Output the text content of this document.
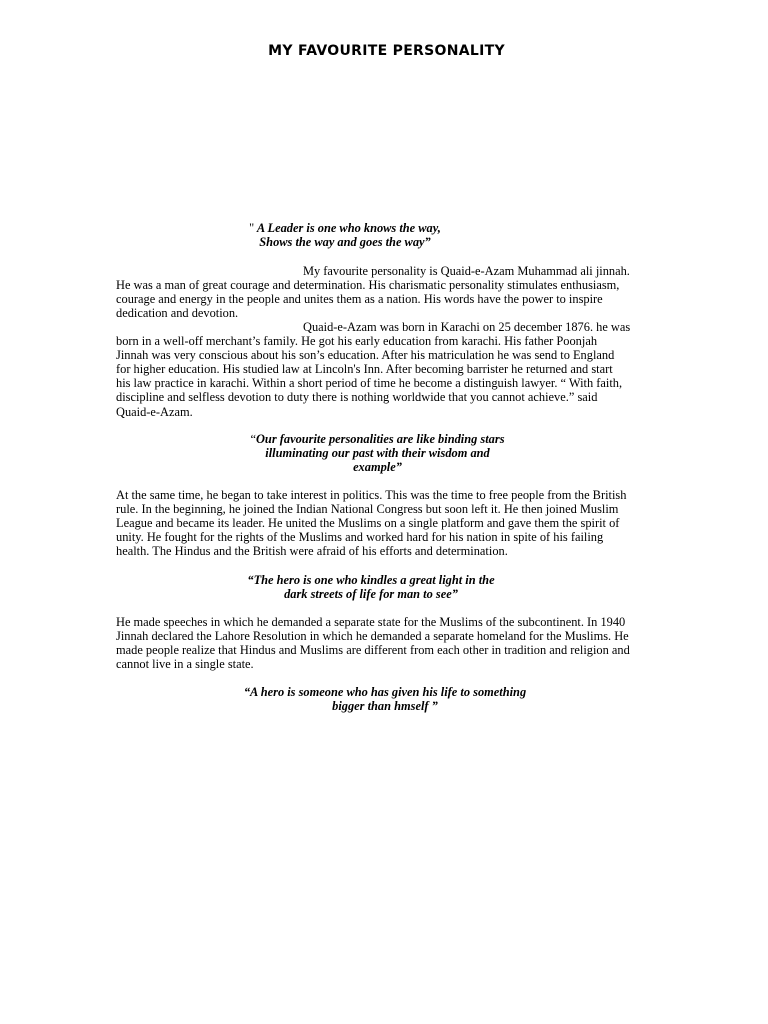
MY FAVOURITE PERSONALITY
" A Leader is one who knows the way,
Shows the way and goes the way”
My favourite personality is Quaid-e-Azam Muhammad ali jinnah.
He was a man of great courage and determination. His charismatic personality stimulates enthusiasm,
courage and energy in the people and unites them as a nation. His words have the power to inspire
dedication and devotion.
Quaid-e-Azam was born in Karachi on 25 december 1876. he was
born in a well-off merchant’s family. He got his early education from karachi. His father Poonjah
Jinnah was very conscious about his son’s education. After his matriculation he was send to England
for higher education. His studied law at Lincoln's Inn. After becoming barrister he returned and start
his law practice in karachi. Within a short period of time he become a distinguish lawyer. “ With faith,
discipline and selfless devotion to duty there is nothing worldwide that you cannot achieve.” said
Quaid-e-Azam.
“Our favourite personalities are like binding stars
illuminating our past with their wisdom and
example”
At the same time, he began to take interest in politics. This was the time to free people from the British
rule. In the beginning, he joined the Indian National Congress but soon left it. He then joined Muslim
League and became its leader. He united the Muslims on a single platform and gave them the spirit of
unity. He fought for the rights of the Muslims and worked hard for his nation in spite of his failing
health. The Hindus and the British were afraid of his efforts and determination.
“The hero is one who kindles a great light in the
dark streets of life for man to see”
He made speeches in which he demanded a separate state for the Muslims of the subcontinent. In 1940
Jinnah declared the Lahore Resolution in which he demanded a separate homeland for the Muslims. He
made people realize that Hindus and Muslims are different from each other in tradition and religion and
cannot live in a single state.
“A hero is someone who has given his life to something
bigger than hmself ”
